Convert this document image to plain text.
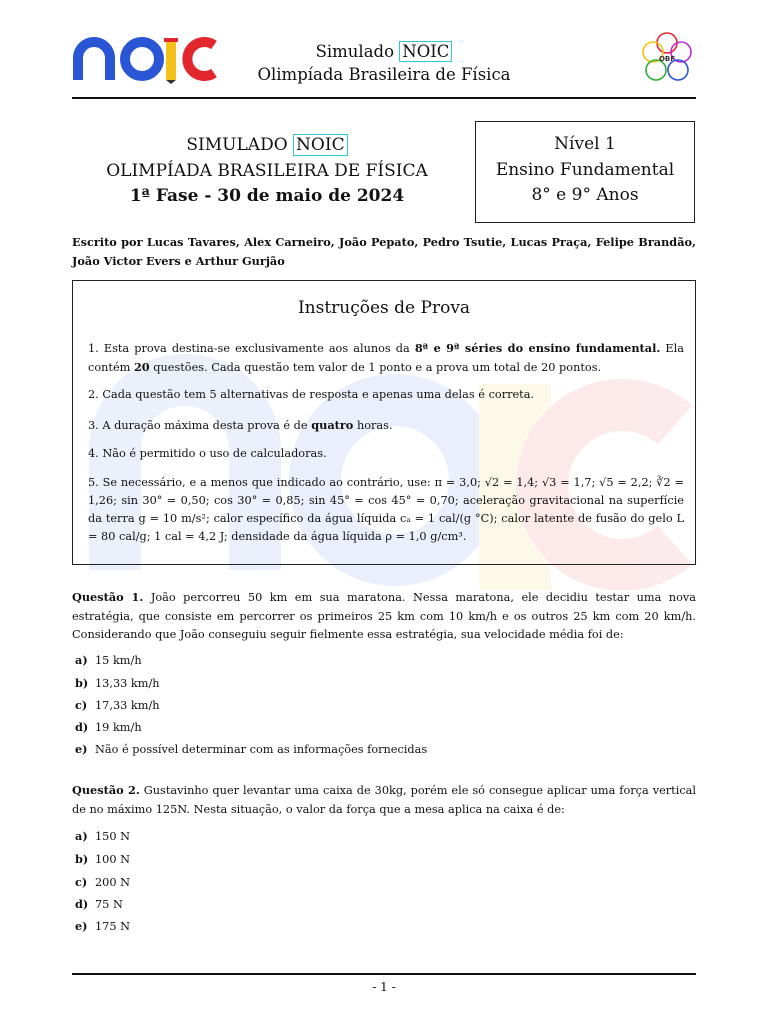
Simulado NOIC
Olimpíada Brasileira de Física
OBF
SIMULADO NOIC
OLIMPÍADA BRASILEIRA DE FÍSICA
1ª Fase - 30 de maio de 2024
Nível 1
Ensino Fundamental
8° e 9° Anos
Escrito por Lucas Tavares, Alex Carneiro, João Pepato, Pedro Tsutie, Lucas Praça, Felipe Brandão, João Victor Evers e Arthur Gurjão
Instruções de Prova
1. Esta prova destina-se exclusivamente aos alunos da 8ª e 9ª séries do ensino fundamental. Ela contém 20 questões. Cada questão tem valor de 1 ponto e a prova um total de 20 pontos.
2. Cada questão tem 5 alternativas de resposta e apenas uma delas é correta.
3. A duração máxima desta prova é de quatro horas.
4. Não é permitido o uso de calculadoras.
5. Se necessário, e a menos que indicado ao contrário, use: π = 3,0; √2 = 1,4; √3 = 1,7; √5 = 2,2; ∛2 = 1,26; sin 30° = 0,50; cos 30° = 0,85; sin 45° = cos 45° = 0,70; aceleração gravitacional na superfície da terra g = 10 m/s²; calor específico da água líquida cₐ = 1 cal/(g °C); calor latente de fusão do gelo L = 80 cal/g; 1 cal = 4,2 J; densidade da água líquida ρ = 1,0 g/cm³.
Questão 1. João percorreu 50 km em sua maratona. Nessa maratona, ele decidiu testar uma nova estratégia, que consiste em percorrer os primeiros 25 km com 10 km/h e os outros 25 km com 20 km/h. Considerando que João conseguiu seguir fielmente essa estratégia, sua velocidade média foi de:
a) 15 km/h
b) 13,33 km/h
c) 17,33 km/h
d) 19 km/h
e) Não é possível determinar com as informações fornecidas
Questão 2. Gustavinho quer levantar uma caixa de 30kg, porém ele só consegue aplicar uma força vertical de no máximo 125N. Nesta situação, o valor da força que a mesa aplica na caixa é de:
a) 150 N
b) 100 N
c) 200 N
d) 75 N
e) 175 N
- 1 -
